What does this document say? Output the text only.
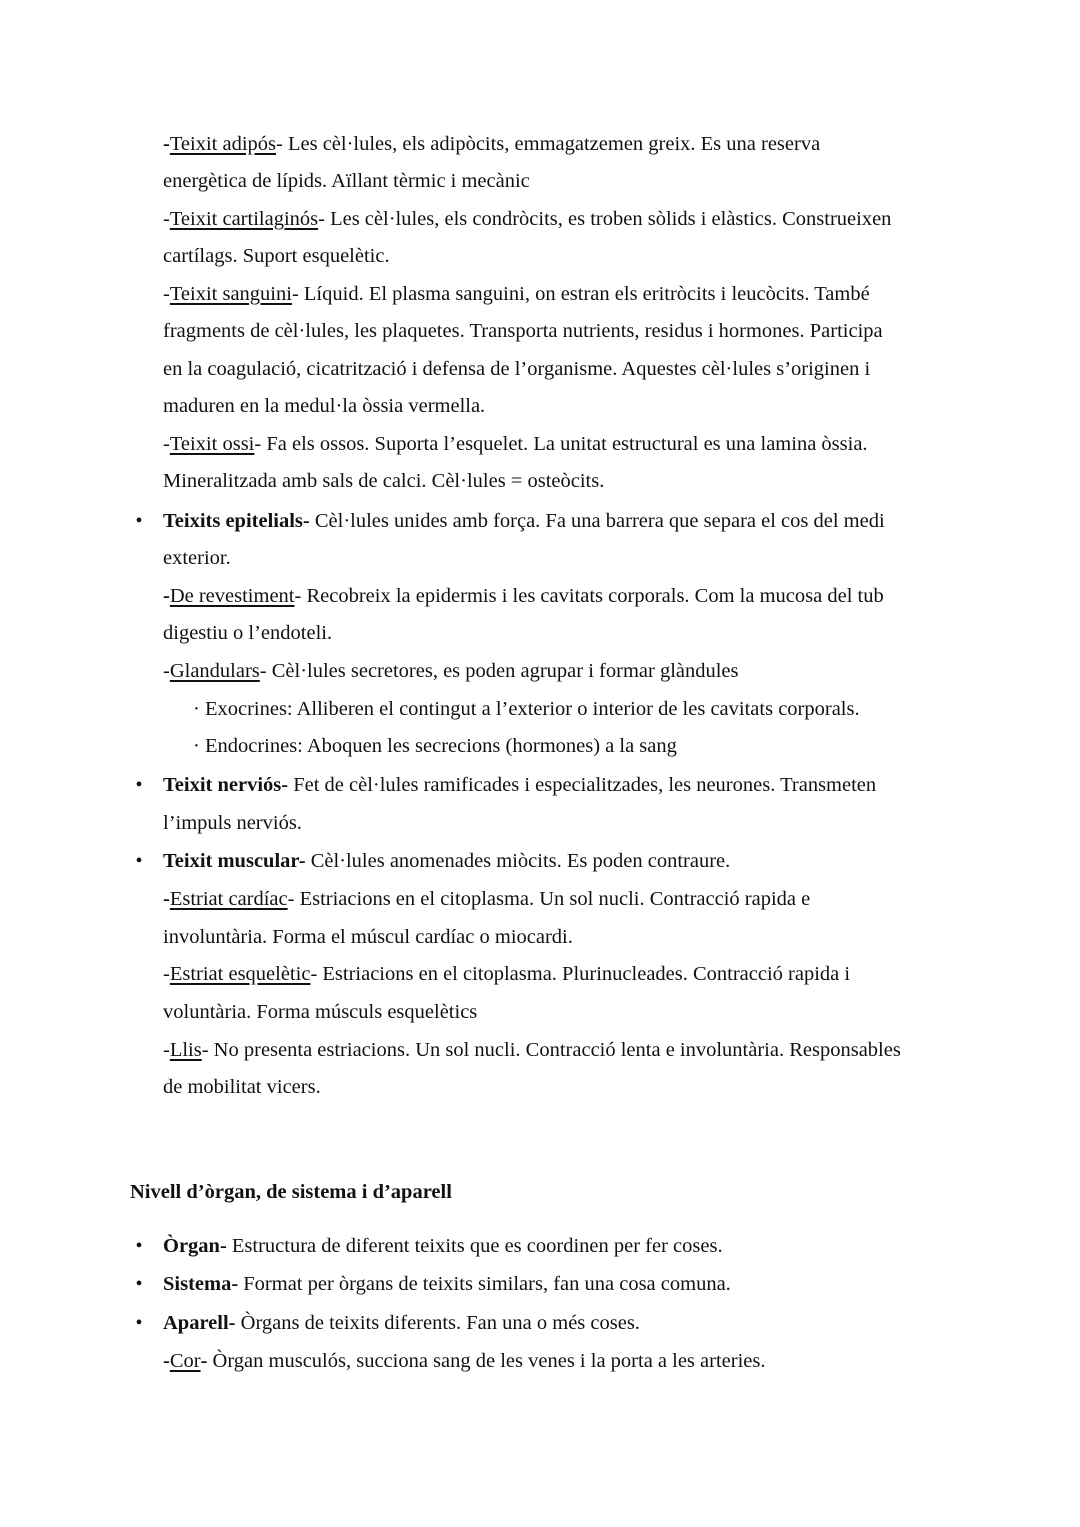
-Teixit adipós- Les cèl·lules, els adipòcits, emmagatzemen greix. Es una reserva
energètica de lípids. Aïllant tèrmic i mecànic
-Teixit cartilaginós- Les cèl·lules, els condròcits, es troben sòlids i elàstics. Construeixen
cartílags. Suport esquelètic.
-Teixit sanguini- Líquid. El plasma sanguini, on estran els eritròcits i leucòcits. També
fragments de cèl·lules, les plaquetes. Transporta nutrients, residus i hormones. Participa
en la coagulació, cicatrització i defensa de l’organisme. Aquestes cèl·lules s’originen i
maduren en la medul·la òssia vermella.
-Teixit ossi- Fa els ossos. Suporta l’esquelet. La unitat estructural es una lamina òssia.
Mineralitzada amb sals de calci. Cèl·lules = osteòcits.
•	Teixits epitelials- Cèl·lules unides amb força. Fa una barrera que separa el cos del medi
exterior.
-De revestiment- Recobreix la epidermis i les cavitats corporals. Com la mucosa del tub
digestiu o l’endoteli.
-Glandulars- Cèl·lules secretores, es poden agrupar i formar glàndules
· Exocrines: Alliberen el contingut a l’exterior o interior de les cavitats corporals.
· Endocrines: Aboquen les secrecions (hormones) a la sang
•	Teixit nerviós- Fet de cèl·lules ramificades i especialitzades, les neurones. Transmeten
l’impuls nerviós.
•	Teixit muscular- Cèl·lules anomenades miòcits. Es poden contraure.
-Estriat cardíac- Estriacions en el citoplasma. Un sol nucli. Contracció rapida e
involuntària. Forma el múscul cardíac o miocardi.
-Estriat esquelètic- Estriacions en el citoplasma. Plurinucleades. Contracció rapida i
voluntària. Forma músculs esquelètics
-Llis- No presenta estriacions. Un sol nucli. Contracció lenta e involuntària. Responsables
de mobilitat vicers.
Nivell d’òrgan, de sistema i d’aparell
•	Òrgan- Estructura de diferent teixits que es coordinen per fer coses.
•	Sistema- Format per òrgans de teixits similars, fan una cosa comuna.
•	Aparell- Òrgans de teixits diferents. Fan una o més coses.
-Cor- Òrgan musculós, succiona sang de les venes i la porta a les arteries.
